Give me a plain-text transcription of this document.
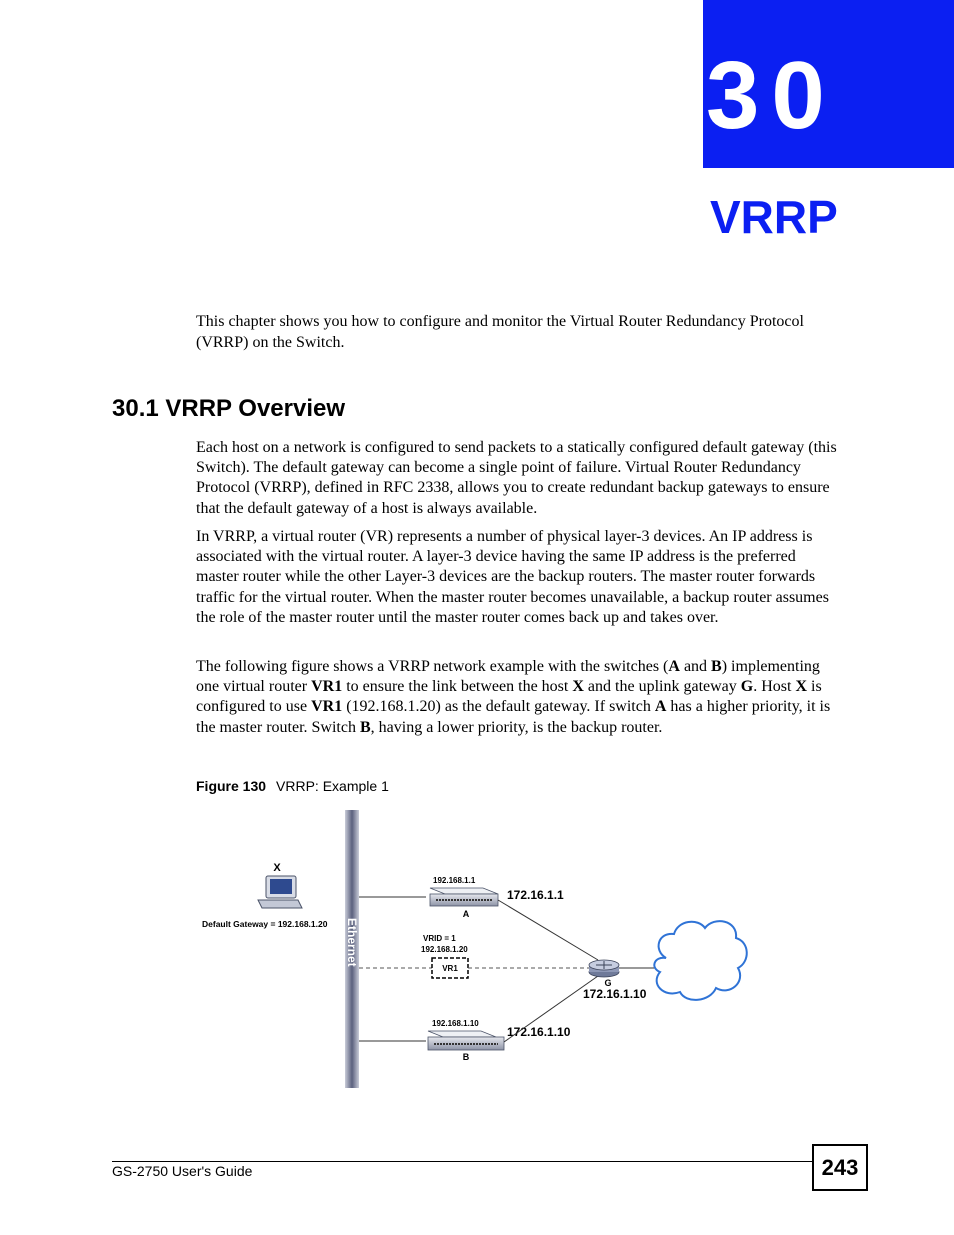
30
VRRP

This chapter shows you how to configure and monitor the Virtual Router Redundancy Protocol (VRRP) on the Switch.

30.1 VRRP Overview

Each host on a network is configured to send packets to a statically configured default gateway (this Switch). The default gateway can become a single point of failure. Virtual Router Redundancy Protocol (VRRP), defined in RFC 2338, allows you to create redundant backup gateways to ensure that the default gateway of a host is always available.

In VRRP, a virtual router (VR) represents a number of physical layer-3 devices. An IP address is associated with the virtual router. A layer-3 device having the same IP address is the preferred master router while the other Layer-3 devices are the backup routers. The master router forwards traffic for the virtual router. When the master router becomes unavailable, a backup router assumes the role of the master router until the master router comes back up and takes over.

The following figure shows a VRRP network example with the switches (A and B) implementing one virtual router VR1 to ensure the link between the host X and the uplink gateway G. Host X is configured to use VR1 (192.168.1.20) as the default gateway. If switch A has a higher priority, it is the master router. Switch B, having a lower priority, is the backup router.

Figure 130 VRRP: Example 1
Ethernet
X
Default Gateway = 192.168.1.20
192.168.1.1
A
172.16.1.1
VRID = 1
192.168.1.20
VR1
192.168.1.10
B
172.16.1.10
G
172.16.1.10
GS-2750 User's Guide	243
